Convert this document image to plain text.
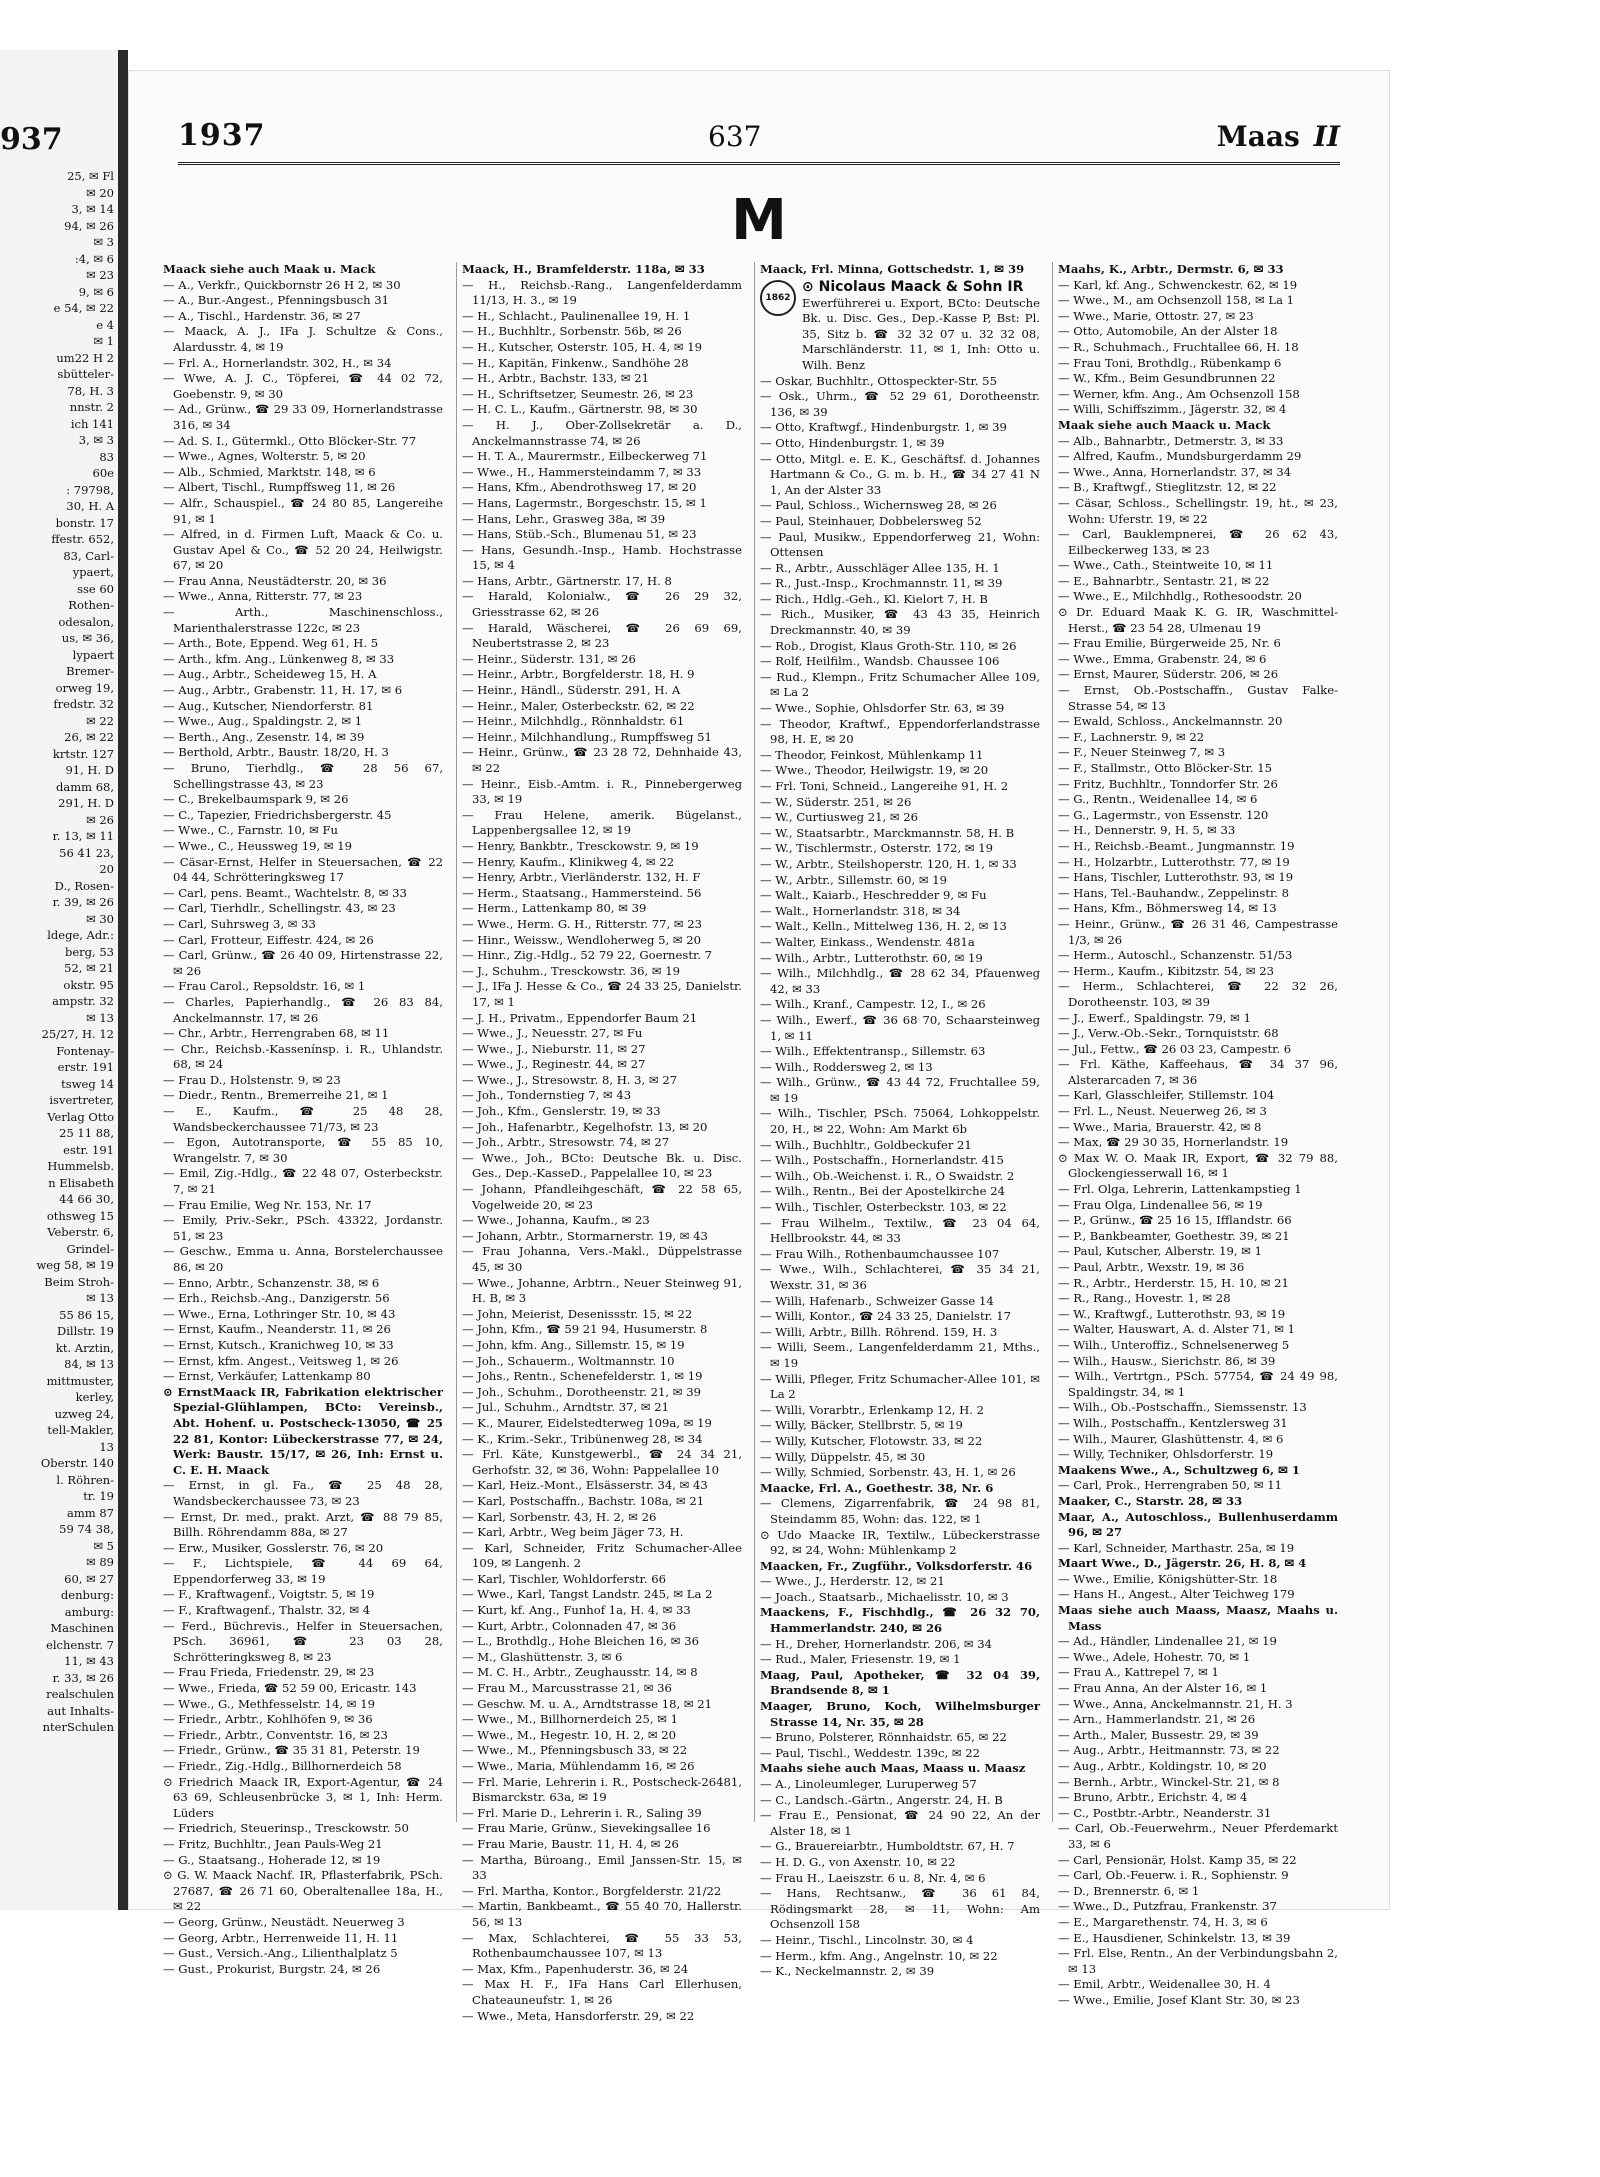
937
25, ✉ Fl
✉ 20
3, ✉ 14
94, ✉ 26
✉ 3
:4, ✉ 6
✉ 23
9, ✉ 6
e 54, ✉ 22
e 4
✉ 1
um22 H 2
sbütteler-
78, H. 3
nnstr. 2
ich 141
3, ✉ 3
83
60e
: 79798,
30, H. A
bonstr. 17
ffestr. 652,
83, Carl-
ypaert,
sse 60
Rothen-
odesalon,
us, ✉ 36,
lypaert
Bremer-
orweg 19,
fredstr. 32
✉ 22
26, ✉ 22
krtstr. 127
91, H. D
damm 68,
291, H. D
✉ 26
r. 13, ✉ 11
56 41 23,
20
D., Rosen-
r. 39, ✉ 26
✉ 30
ldege, Adr.:
berg, 53
52, ✉ 21
okstr. 95
ampstr. 32
✉ 13
25/27, H. 12
Fontenay-
erstr. 191
tsweg 14
isvertreter,
Verlag Otto
25 11 88,
estr. 191
Hummelsb.
n Elisabeth
44 66 30,
othsweg 15
Veberstr. 6,
Grindel-
weg 58, ✉ 19
Beim Stroh-
✉ 13
55 86 15,
Dillstr. 19
kt. Arztin,
84, ✉ 13
mittmuster,
kerley,
uzweg 24,
tell-Makler,
13
Oberstr. 140
l. Röhren-
tr. 19
amm 87
59 74 38,
✉ 5
✉ 89
60, ✉ 27
denburg:
amburg:
Maschinen
elchenstr. 7
11, ✉ 43
r. 33, ✉ 26
realschulen
aut Inhalts-
nterSchulen
1937	637	Maas II
M
Maack siehe auch Maak u. Mack
— A., Verkfr., Quickbornstr 26 H 2, ✉ 30
— A., Bur.-Angest., Pfenningsbusch 31
— A., Tischl., Hardenstr. 36, ✉ 27
— Maack, A. J., IFa J. Schultze & Cons., Alardusstr. 4, ✉ 19
— Frl. A., Hornerlandstr. 302, H., ✉ 34
— Wwe, A. J. C., Töpferei, ☎ 44 02 72, Goebenstr. 9, ✉ 30
— Ad., Grünw., ☎ 29 33 09, Hornerlandstrasse 316, ✉ 34
— Ad. S. I., Gütermkl., Otto Blöcker-Str. 77
— Wwe., Agnes, Wolterstr. 5, ✉ 20
— Alb., Schmied, Marktstr. 148, ✉ 6
— Albert, Tischl., Rumpffsweg 11, ✉ 26
— Alfr., Schauspiel., ☎ 24 80 85, Langereihe 91, ✉ 1
— Alfred, in d. Firmen Luft, Maack & Co. u. Gustav Apel & Co., ☎ 52 20 24, Heilwigstr. 67, ✉ 20
— Frau Anna, Neustädterstr. 20, ✉ 36
— Wwe., Anna, Ritterstr. 77, ✉ 23
— Arth., Maschinenschloss., Marienthalerstrasse 122c, ✉ 23
— Arth., Bote, Eppend. Weg 61, H. 5
— Arth., kfm. Ang., Lünkenweg 8, ✉ 33
— Aug., Arbtr., Scheideweg 15, H. A
— Aug., Arbtr., Grabenstr. 11, H. 17, ✉ 6
— Aug., Kutscher, Niendorferstr. 81
— Wwe., Aug., Spaldingstr. 2, ✉ 1
— Berth., Ang., Zesenstr. 14, ✉ 39
— Berthold, Arbtr., Baustr. 18/20, H. 3
— Bruno, Tierhdlg., ☎ 28 56 67, Schellingstrasse 43, ✉ 23
— C., Brekelbaumspark 9, ✉ 26
— C., Tapezier, Friedrichsbergerstr. 45
— Wwe., C., Farnstr. 10, ✉ Fu
— Wwe., C., Heussweg 19, ✉ 19
— Cäsar-Ernst, Helfer in Steuersachen, ☎ 22 04 44, Schrötteringksweg 17
— Carl, pens. Beamt., Wachtelstr. 8, ✉ 33
— Carl, Tierhdlr., Schellingstr. 43, ✉ 23
— Carl, Suhrsweg 3, ✉ 33
— Carl, Frotteur, Eiffestr. 424, ✉ 26
— Carl, Grünw., ☎ 26 40 09, Hirtenstrasse 22, ✉ 26
— Frau Carol., Repsoldstr. 16, ✉ 1
— Charles, Papierhandlg., ☎ 26 83 84, Anckelmannstr. 17, ✉ 26
— Chr., Arbtr., Herrengraben 68, ✉ 11
— Chr., Reichsb.-Kassenínsp. i. R., Uhlandstr. 68, ✉ 24
— Frau D., Holstenstr. 9, ✉ 23
— Diedr., Rentn., Bremerreihe 21, ✉ 1
— E., Kaufm., ☎ 25 48 28, Wandsbeckerchaussee 71/73, ✉ 23
— Egon, Autotransporte, ☎ 55 85 10, Wrangelstr. 7, ✉ 30
— Emil, Zig.-Hdlg., ☎ 22 48 07, Osterbeckstr. 7, ✉ 21
— Frau Emilie, Weg Nr. 153, Nr. 17
— Emily, Priv.-Sekr., PSch. 43322, Jordanstr. 51, ✉ 23
— Geschw., Emma u. Anna, Borstelerchaussee 86, ✉ 20
— Enno, Arbtr., Schanzenstr. 38, ✉ 6
— Erh., Reichsb.-Ang., Danzigerstr. 56
— Wwe., Erna, Lothringer Str. 10, ✉ 43
— Ernst, Kaufm., Neanderstr. 11, ✉ 26
— Ernst, Kutsch., Kranichweg 10, ✉ 33
— Ernst, kfm. Angest., Veitsweg 1, ✉ 26
— Ernst, Verkäufer, Lattenkamp 80
⊙ ErnstMaack IR, Fabrikation elektrischer Spezial-Glühlampen, BCto: Vereinsb., Abt. Hohenf. u. Postscheck-13050, ☎ 25 22 81, Kontor: Lübeckerstrasse 77, ✉ 24, Werk: Baustr. 15/17, ✉ 26, Inh: Ernst u. C. E. H. Maack
— Ernst, in gl. Fa., ☎ 25 48 28, Wandsbeckerchaussee 73, ✉ 23
— Ernst, Dr. med., prakt. Arzt, ☎ 88 79 85, Billh. Röhrendamm 88a, ✉ 27
— Erw., Musiker, Gosslerstr. 76, ✉ 20
— F., Lichtspiele, ☎ 44 69 64, Eppendorferweg 33, ✉ 19
— F., Kraftwagenf., Voigtstr. 5, ✉ 19
— F., Kraftwagenf., Thalstr. 32, ✉ 4
— Ferd., Büchrevis., Helfer in Steuersachen, PSch. 36961, ☎ 23 03 28, Schrötteringksweg 8, ✉ 23
— Frau Frieda, Friedenstr. 29, ✉ 23
— Wwe., Frieda, ☎ 52 59 00, Ericastr. 143
— Wwe., G., Methfesselstr. 14, ✉ 19
— Friedr., Arbtr., Kohlhöfen 9, ✉ 36
— Friedr., Arbtr., Conventstr. 16, ✉ 23
— Friedr., Grünw., ☎ 35 31 81, Peterstr. 19
— Friedr., Zig.-Hdlg., Billhornerdeich 58
⊙ Friedrich Maack IR, Export-Agentur, ☎ 24 63 69, Schleusenbrücke 3, ✉ 1, Inh: Herm. Lüders
— Friedrich, Steuerinsp., Tresckowstr. 50
— Fritz, Buchhltr., Jean Pauls-Weg 21
— G., Staatsang., Hoherade 12, ✉ 19
⊙ G. W. Maack Nachf. IR, Pflasterfabrik, PSch. 27687, ☎ 26 71 60, Oberaltenallee 18a, H., ✉ 22
— Georg, Grünw., Neustädt. Neuerweg 3
— Georg, Arbtr., Herrenweide 11, H. 11
— Gust., Versich.-Ang., Lilienthalplatz 5
— Gust., Prokurist, Burgstr. 24, ✉ 26
Maack, H., Bramfelderstr. 118a, ✉ 33
— H., Reichsb.-Rang., Langenfelderdamm 11/13, H. 3., ✉ 19
— H., Schlacht., Paulinenallee 19, H. 1
— H., Buchhltr., Sorbenstr. 56b, ✉ 26
— H., Kutscher, Osterstr. 105, H. 4, ✉ 19
— H., Kapitän, Finkenw., Sandhöhe 28
— H., Arbtr., Bachstr. 133, ✉ 21
— H., Schriftsetzer, Seumestr. 26, ✉ 23
— H. C. L., Kaufm., Gärtnerstr. 98, ✉ 30
— H. J., Ober-Zollsekretär a. D., Anckelmannstrasse 74, ✉ 26
— H. T. A., Maurermstr., Eilbeckerweg 71
— Wwe., H., Hammersteindamm 7, ✉ 33
— Hans, Kfm., Abendrothsweg 17, ✉ 20
— Hans, Lagermstr., Borgeschstr. 15, ✉ 1
— Hans, Lehr., Grasweg 38a, ✉ 39
— Hans, Stüb.-Sch., Blumenau 51, ✉ 23
— Hans, Gesundh.-Insp., Hamb. Hochstrasse 15, ✉ 4
— Hans, Arbtr., Gärtnerstr. 17, H. 8
— Harald, Kolonialw., ☎ 26 29 32, Griesstrasse 62, ✉ 26
— Harald, Wäscherei, ☎ 26 69 69, Neubertstrasse 2, ✉ 23
— Heinr., Süderstr. 131, ✉ 26
— Heinr., Arbtr., Borgfelderstr. 18, H. 9
— Heinr., Händl., Süderstr. 291, H. A
— Heinr., Maler, Osterbeckstr. 62, ✉ 22
— Heinr., Milchhdlg., Rönnhaldstr. 61
— Heinr., Milchhandlung., Rumpffsweg 51
— Heinr., Grünw., ☎ 23 28 72, Dehnhaide 43, ✉ 22
— Heinr., Eisb.-Amtm. i. R., Pinnebergerweg 33, ✉ 19
— Frau Helene, amerik. Bügelanst., Lappenbergsallee 12, ✉ 19
— Henry, Bankbtr., Tresckowstr. 9, ✉ 19
— Henry, Kaufm., Klinikweg 4, ✉ 22
— Henry, Arbtr., Vierländerstr. 132, H. F
— Herm., Staatsang., Hammersteind. 56
— Herm., Lattenkamp 80, ✉ 39
— Wwe., Herm. G. H., Ritterstr. 77, ✉ 23
— Hinr., Weissw., Wendloherweg 5, ✉ 20
— Hinr., Zig.-Hdlg., 52 79 22, Goernestr. 7
— J., Schuhm., Tresckowstr. 36, ✉ 19
— J., IFa J. Hesse & Co., ☎ 24 33 25, Danielstr. 17, ✉ 1
— J. H., Privatm., Eppendorfer Baum 21
— Wwe., J., Neuesstr. 27, ✉ Fu
— Wwe., J., Nieburstr. 11, ✉ 27
— Wwe., J., Reginestr. 44, ✉ 27
— Wwe., J., Stresowstr. 8, H. 3, ✉ 27
— Joh., Tondernstieg 7, ✉ 43
— Joh., Kfm., Genslerstr. 19, ✉ 33
— Joh., Hafenarbtr., Kegelhofstr. 13, ✉ 20
— Joh., Arbtr., Stresowstr. 74, ✉ 27
— Wwe., Joh., BCto: Deutsche Bk. u. Disc. Ges., Dep.-KasseD., Pappelallee 10, ✉ 23
— Johann, Pfandleihgeschäft, ☎ 22 58 65, Vogelweide 20, ✉ 23
— Wwe., Johanna, Kaufm., ✉ 23
— Johann, Arbtr., Stormarnerstr. 19, ✉ 43
— Frau Johanna, Vers.-Makl., Düppelstrasse 45, ✉ 30
— Wwe., Johanne, Arbtrn., Neuer Steinweg 91, H. B, ✉ 3
— John, Meierist, Desenissstr. 15, ✉ 22
— John, Kfm., ☎ 59 21 94, Husumerstr. 8
— John, kfm. Ang., Sillemstr. 15, ✉ 19
— Joh., Schauerm., Woltmannstr. 10
— Johs., Rentn., Schenefelderstr. 1, ✉ 19
— Joh., Schuhm., Dorotheenstr. 21, ✉ 39
— Jul., Schuhm., Arndtstr. 37, ✉ 21
— K., Maurer, Eidelstedterweg 109a, ✉ 19
— K., Krim.-Sekr., Tribünenweg 28, ✉ 34
— Frl. Käte, Kunstgewerbl., ☎ 24 34 21, Gerhofstr. 32, ✉ 36, Wohn: Pappelallee 10
— Karl, Heiz.-Mont., Elsässerstr. 34, ✉ 43
— Karl, Postschaffn., Bachstr. 108a, ✉ 21
— Karl, Sorbenstr. 43, H. 2, ✉ 26
— Karl, Arbtr., Weg beim Jäger 73, H.
— Karl, Schneider, Fritz Schumacher-Allee 109, ✉ Langenh. 2
— Karl, Tischler, Wohldorferstr. 66
— Wwe., Karl, Tangst Landstr. 245, ✉ La 2
— Kurt, kf. Ang., Funhof 1a, H. 4, ✉ 33
— Kurt, Arbtr., Colonnaden 47, ✉ 36
— L., Brothdlg., Hohe Bleichen 16, ✉ 36
— M., Glashüttenstr. 3, ✉ 6
— M. C. H., Arbtr., Zeughausstr. 14, ✉ 8
— Frau M., Marcusstrasse 21, ✉ 36
— Geschw. M. u. A., Arndtstrasse 18, ✉ 21
— Wwe., M., Billhornerdeich 25, ✉ 1
— Wwe., M., Hegestr. 10, H. 2, ✉ 20
— Wwe., M., Pfenningsbusch 33, ✉ 22
— Wwe., Maria, Mühlendamm 16, ✉ 26
— Frl. Marie, Lehrerin i. R., Postscheck-26481, Bismarckstr. 63a, ✉ 19
— Frl. Marie D., Lehrerin i. R., Saling 39
— Frau Marie, Grünw., Sievekingsallee 16
— Frau Marie, Baustr. 11, H. 4, ✉ 26
— Martha, Büroang., Emil Janssen-Str. 15, ✉ 33
— Frl. Martha, Kontor., Borgfelderstr. 21/22
— Martin, Bankbeamt., ☎ 55 40 70, Hallerstr. 56, ✉ 13
— Max, Schlachterei, ☎ 55 33 53, Rothenbaumchaussee 107, ✉ 13
— Max, Kfm., Papenhuderstr. 36, ✉ 24
— Max H. F., IFa Hans Carl Ellerhusen, Chateauneufstr. 1, ✉ 26
— Wwe., Meta, Hansdorferstr. 29, ✉ 22
Maack, Frl. Minna, Gottschedstr. 1, ✉ 39
1862
⊙ Nicolaus Maack & Sohn IR
Ewerführerei u. Export, BCto: Deutsche Bk. u. Disc. Ges., Dep.-Kasse P, Bst: Pl. 35, Sitz b. ☎ 32 32 07 u. 32 32 08, Marschländerstr. 11, ✉ 1, Inh: Otto u. Wilh. Benz
— Oskar, Buchhltr., Ottospeckter-Str. 55
— Osk., Uhrm., ☎ 52 29 61, Dorotheenstr. 136, ✉ 39
— Otto, Kraftwgf., Hindenburgstr. 1, ✉ 39
— Otto, Hindenburgstr. 1, ✉ 39
— Otto, Mitgl. e. E. K., Geschäftsf. d. Johannes Hartmann & Co., G. m. b. H., ☎ 34 27 41 N 1, An der Alster 33
— Paul, Schloss., Wichernsweg 28, ✉ 26
— Paul, Steinhauer, Dobbelersweg 52
— Paul, Musikw., Eppendorferweg 21, Wohn: Ottensen
— R., Arbtr., Ausschläger Allee 135, H. 1
— R., Just.-Insp., Krochmannstr. 11, ✉ 39
— Rich., Hdlg.-Geh., Kl. Kielort 7, H. B
— Rich., Musiker, ☎ 43 43 35, Heinrich Dreckmannstr. 40, ✉ 39
— Rob., Drogist, Klaus Groth-Str. 110, ✉ 26
— Rolf, Heilfilm., Wandsb. Chaussee 106
— Rud., Klempn., Fritz Schumacher Allee 109, ✉ La 2
— Wwe., Sophie, Ohlsdorfer Str. 63, ✉ 39
— Theodor, Kraftwf., Eppendorferlandstrasse 98, H. E, ✉ 20
— Theodor, Feinkost, Mühlenkamp 11
— Wwe., Theodor, Heilwigstr. 19, ✉ 20
— Frl. Toni, Schneid., Langereihe 91, H. 2
— W., Süderstr. 251, ✉ 26
— W., Curtiusweg 21, ✉ 26
— W., Staatsarbtr., Marckmannstr. 58, H. B
— W., Tischlermstr., Osterstr. 172, ✉ 19
— W., Arbtr., Steilshoperstr. 120, H. 1, ✉ 33
— W., Arbtr., Sillemstr. 60, ✉ 19
— Walt., Kaiarb., Heschredder 9, ✉ Fu
— Walt., Hornerlandstr. 318, ✉ 34
— Walt., Kelln., Mittelweg 136, H. 2, ✉ 13
— Walter, Einkass., Wendenstr. 481a
— Wilh., Arbtr., Lutterothstr. 60, ✉ 19
— Wilh., Milchhdlg., ☎ 28 62 34, Pfauenweg 42, ✉ 33
— Wilh., Kranf., Campestr. 12, I., ✉ 26
— Wilh., Ewerf., ☎ 36 68 70, Schaarsteinweg 1, ✉ 11
— Wilh., Effektentransp., Sillemstr. 63
— Wilh., Roddersweg 2, ✉ 13
— Wilh., Grünw., ☎ 43 44 72, Fruchtallee 59, ✉ 19
— Wilh., Tischler, PSch. 75064, Lohkoppelstr. 20, H., ✉ 22, Wohn: Am Markt 6b
— Wilh., Buchhltr., Goldbeckufer 21
— Wilh., Postschaffn., Hornerlandstr. 415
— Wilh., Ob.-Weichenst. i. R., O Swaidstr. 2
— Wilh., Rentn., Bei der Apostelkirche 24
— Wilh., Tischler, Osterbeckstr. 103, ✉ 22
— Frau Wilhelm., Textilw., ☎ 23 04 64, Hellbrookstr. 44, ✉ 33
— Frau Wilh., Rothenbaumchaussee 107
— Wwe., Wilh., Schlachterei, ☎ 35 34 21, Wexstr. 31, ✉ 36
— Willi, Hafenarb., Schweizer Gasse 14
— Willi, Kontor., ☎ 24 33 25, Danielstr. 17
— Willi, Arbtr., Billh. Röhrend. 159, H. 3
— Willi, Seem., Langenfelderdamm 21, Mths., ✉ 19
— Willi, Pfleger, Fritz Schumacher-Allee 101, ✉ La 2
— Willi, Vorarbtr., Erlenkamp 12, H. 2
— Willy, Bäcker, Stellbrstr. 5, ✉ 19
— Willy, Kutscher, Flotowstr. 33, ✉ 22
— Willy, Düppelstr. 45, ✉ 30
— Willy, Schmied, Sorbenstr. 43, H. 1, ✉ 26
Maacke, Frl. A., Goethestr. 38, Nr. 6
— Clemens, Zigarrenfabrik, ☎ 24 98 81, Steindamm 85, Wohn: das. 122, ✉ 1
⊙ Udo Maacke IR, Textilw., Lübeckerstrasse 92, ✉ 24, Wohn: Mühlenkamp 2
Maacken, Fr., Zugführ., Volksdorferstr. 46
— Wwe., J., Herderstr. 12, ✉ 21
— Joach., Staatsarb., Michaelisstr. 10, ✉ 3
Maackens, F., Fischhdlg., ☎ 26 32 70, Hammerlandstr. 240, ✉ 26
— H., Dreher, Hornerlandstr. 206, ✉ 34
— Rud., Maler, Friesenstr. 19, ✉ 1
Maag, Paul, Apotheker, ☎ 32 04 39, Brandsende 8, ✉ 1
Maager, Bruno, Koch, Wilhelmsburger Strasse 14, Nr. 35, ✉ 28
— Bruno, Polsterer, Rönnhaidstr. 65, ✉ 22
— Paul, Tischl., Weddestr. 139c, ✉ 22
Maahs siehe auch Maas, Maass u. Maasz
— A., Linoleumleger, Luruperweg 57
— C., Landsch.-Gärtn., Angerstr. 24, H. B
— Frau E., Pensionat, ☎ 24 90 22, An der Alster 18, ✉ 1
— G., Brauereiarbtr., Humboldtstr. 67, H. 7
— H. D. G., von Axenstr. 10, ✉ 22
— Frau H., Laeiszstr. 6 u. 8, Nr. 4, ✉ 6
— Hans, Rechtsanw., ☎ 36 61 84, Rödingsmarkt 28, ✉ 11, Wohn: Am Ochsenzoll 158
— Heinr., Tischl., Lincolnstr. 30, ✉ 4
— Herm., kfm. Ang., Angelnstr. 10, ✉ 22
— K., Neckelmannstr. 2, ✉ 39
Maahs, K., Arbtr., Dermstr. 6, ✉ 33
— Karl, kf. Ang., Schwenckestr. 62, ✉ 19
— Wwe., M., am Ochsenzoll 158, ✉ La 1
— Wwe., Marie, Ottostr. 27, ✉ 23
— Otto, Automobile, An der Alster 18
— R., Schuhmach., Fruchtallee 66, H. 18
— Frau Toni, Brothdlg., Rübenkamp 6
— W., Kfm., Beim Gesundbrunnen 22
— Werner, kfm. Ang., Am Ochsenzoll 158
— Willi, Schiffszimm., Jägerstr. 32, ✉ 4
Maak siehe auch Maack u. Mack
— Alb., Bahnarbtr., Detmerstr. 3, ✉ 33
— Alfred, Kaufm., Mundsburgerdamm 29
— Wwe., Anna, Hornerlandstr. 37, ✉ 34
— B., Kraftwgf., Stieglitzstr. 12, ✉ 22
— Cäsar, Schloss., Schellingstr. 19, ht., ✉ 23, Wohn: Uferstr. 19, ✉ 22
— Carl, Bauklempnerei, ☎ 26 62 43, Eilbeckerweg 133, ✉ 23
— Wwe., Cath., Steintweite 10, ✉ 11
— E., Bahnarbtr., Sentastr. 21, ✉ 22
— Wwe., E., Milchhdlg., Rothesoodstr. 20
⊙ Dr. Eduard Maak K. G. IR, Waschmittel-Herst., ☎ 23 54 28, Ulmenau 19
— Frau Emilie, Bürgerweide 25, Nr. 6
— Wwe., Emma, Grabenstr. 24, ✉ 6
— Ernst, Maurer, Süderstr. 206, ✉ 26
— Ernst, Ob.-Postschaffn., Gustav Falke-Strasse 54, ✉ 13
— Ewald, Schloss., Anckelmannstr. 20
— F., Lachnerstr. 9, ✉ 22
— F., Neuer Steinweg 7, ✉ 3
— F., Stallmstr., Otto Blöcker-Str. 15
— Fritz, Buchhltr., Tonndorfer Str. 26
— G., Rentn., Weidenallee 14, ✉ 6
— G., Lagermstr., von Essenstr. 120
— H., Dennerstr. 9, H. 5, ✉ 33
— H., Reichsb.-Beamt., Jungmannstr. 19
— H., Holzarbtr., Lutterothstr. 77, ✉ 19
— Hans, Tischler, Lutterothstr. 93, ✉ 19
— Hans, Tel.-Bauhandw., Zeppelinstr. 8
— Hans, Kfm., Böhmersweg 14, ✉ 13
— Heinr., Grünw., ☎ 26 31 46, Campestrasse 1/3, ✉ 26
— Herm., Autoschl., Schanzenstr. 51/53
— Herm., Kaufm., Kibitzstr. 54, ✉ 23
— Herm., Schlachterei, ☎ 22 32 26, Dorotheenstr. 103, ✉ 39
— J., Ewerf., Spaldingstr. 79, ✉ 1
— J., Verw.-Ob.-Sekr., Tornquiststr. 68
— Jul., Fettw., ☎ 26 03 23, Campestr. 6
— Frl. Käthe, Kaffeehaus, ☎ 34 37 96, Alsterarcaden 7, ✉ 36
— Karl, Glasschleifer, Stillemstr. 104
— Frl. L., Neust. Neuerweg 26, ✉ 3
— Wwe., Maria, Brauerstr. 42, ✉ 8
— Max, ☎ 29 30 35, Hornerlandstr. 19
⊙ Max W. O. Maak IR, Export, ☎ 32 79 88, Glockengiesserwall 16, ✉ 1
— Frl. Olga, Lehrerin, Lattenkampstieg 1
— Frau Olga, Lindenallee 56, ✉ 19
— P., Grünw., ☎ 25 16 15, Ifflandstr. 66
— P., Bankbeamter, Goethestr. 39, ✉ 21
— Paul, Kutscher, Alberstr. 19, ✉ 1
— Paul, Arbtr., Wexstr. 19, ✉ 36
— R., Arbtr., Herderstr. 15, H. 10, ✉ 21
— R., Rang., Hovestr. 1, ✉ 28
— W., Kraftwgf., Lutterothstr. 93, ✉ 19
— Walter, Hauswart, A. d. Alster 71, ✉ 1
— Wilh., Unteroffiz., Schnelsenerweg 5
— Wilh., Hausw., Sierichstr. 86, ✉ 39
— Wilh., Vertrtgn., PSch. 57754, ☎ 24 49 98, Spaldingstr. 34, ✉ 1
— Wilh., Ob.-Postschaffn., Siemssenstr. 13
— Wilh., Postschaffn., Kentzlersweg 31
— Wilh., Maurer, Glashüttenstr. 4, ✉ 6
— Willy, Techniker, Ohlsdorferstr. 19
Maakens Wwe., A., Schultzweg 6, ✉ 1
— Carl, Prok., Herrengraben 50, ✉ 11
Maaker, C., Starstr. 28, ✉ 33
Maar, A., Autoschloss., Bullenhuserdamm 96, ✉ 27
— Karl, Schneider, Marthastr. 25a, ✉ 19
Maart Wwe., D., Jägerstr. 26, H. 8, ✉ 4
— Wwe., Emilie, Königshütter-Str. 18
— Hans H., Angest., Alter Teichweg 179
Maas siehe auch Maass, Maasz, Maahs u. Mass
— Ad., Händler, Lindenallee 21, ✉ 19
— Wwe., Adele, Hohestr. 70, ✉ 1
— Frau A., Kattrepel 7, ✉ 1
— Frau Anna, An der Alster 16, ✉ 1
— Wwe., Anna, Anckelmannstr. 21, H. 3
— Arn., Hammerlandstr. 21, ✉ 26
— Arth., Maler, Bussestr. 29, ✉ 39
— Aug., Arbtr., Heitmannstr. 73, ✉ 22
— Aug., Arbtr., Koldingstr. 10, ✉ 20
— Bernh., Arbtr., Winckel-Str. 21, ✉ 8
— Bruno, Arbtr., Erichstr. 4, ✉ 4
— C., Postbtr.-Arbtr., Neanderstr. 31
— Carl, Ob.-Feuerwehrm., Neuer Pferdemarkt 33, ✉ 6
— Carl, Pensionär, Holst. Kamp 35, ✉ 22
— Carl, Ob.-Feuerw. i. R., Sophienstr. 9
— D., Brennerstr. 6, ✉ 1
— Wwe., D., Putzfrau, Frankenstr. 37
— E., Margarethenstr. 74, H. 3, ✉ 6
— E., Hausdiener, Schinkelstr. 13, ✉ 39
— Frl. Else, Rentn., An der Verbindungsbahn 2, ✉ 13
— Emil, Arbtr., Weidenallee 30, H. 4
— Wwe., Emilie, Josef Klant Str. 30, ✉ 23
